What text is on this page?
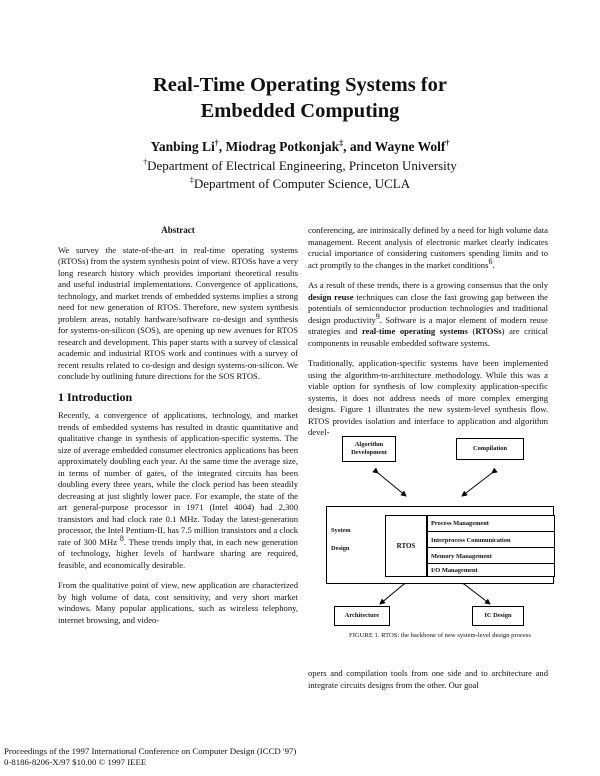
Real-Time Operating Systems for
Embedded Computing
Yanbing Li†, Miodrag Potkonjak‡, and Wayne Wolf†
†Department of Electrical Engineering, Princeton University
‡Department of Computer Science, UCLA
Abstract

We survey the state-of-the-art in real-time operating systems (RTOSs) from the system synthesis point of view. RTOSs have a very long research history which provides important theoretical results and useful industrial implementations. Convergence of applications, technology, and market trends of embedded systems implies a strong need for new generation of RTOS. Therefore, new system synthesis problem areas, notably hardware/software co-design and synthesis for systems-on-silicon (SOS), are opening up new avenues for RTOS research and development. This paper starts with a survey of classical academic and industrial RTOS work and continues with a survey of recent results related to co-design and design systems-on-silicon. We conclude by outlining future directions for the SOS RTOS.

1 Introduction

Recently, a convergence of applications, technology, and market trends of embedded systems has resulted in drastic quantitative and qualitative change in synthesis of application-specific systems. The size of average embedded consumer electronics applications has been approximately doubling each year. At the same time the average size, in terms of number of gates, of the integrated circuits has been doubling every three years, while the clock period has been steadily decreasing at just slightly lower pace. For example, the state of the art general-purpose processor in 1971 (Intel 4004) had 2,300 transistors and had clock rate 0.1 MHz. Today the latest-generation processor, the Intel Pentium-II, has 7.5 million transistors and a clock rate of 300 MHz $^8$. These trends imply that, in each new generation of technology, higher levels of hardware sharing are required, feasible, and economically desirable.

From the qualitative point of view, new application are characterized by high volume of data, cost sensitivity, and very short market windows. Many popular applications, such as wireless telephony, internet browsing, and video-

conferencing, are intrinsically defined by a need for high volume data management. Recent analysis of electronic market clearly indicates crucial importance of considering customers spending limits and to act promptly to the changes in the market conditions$^6$.

As a result of these trends, there is a growing consensus that the only design reuse techniques can close the fast growing gap between the potentials of semiconductor production technologies and traditional design productivity$^9$. Software is a major element of modern reuse strategies and real-time operating systems (RTOSs) are critical components in reusable embedded software systems.

Traditionally, application-specific systems have been implemented using the algorithm-to-architecture methodology. While this was a viable option for synthesis of low complexity application-specific systems, it does not address needs of more complex emerging designs. Figure 1 illustrates the new system-level synthesis flow. RTOS provides isolation and interface to application and algorithm devel-

Algorithm Development
Compilation
System
Design	RTOS
Process Management
Interprocess Communication
Memory Management
I/O Management
Architecture	IC Design
FIGURE 1. RTOS: the backbone of new system-level design process

opers and compilation tools from one side and to architecture and integrate circuits designs from the other. Our goal

Proceedings of the 1997 International Conference on Computer Design (ICCD '97)
0-8186-8206-X/97 $10.00 © 1997 IEEE
